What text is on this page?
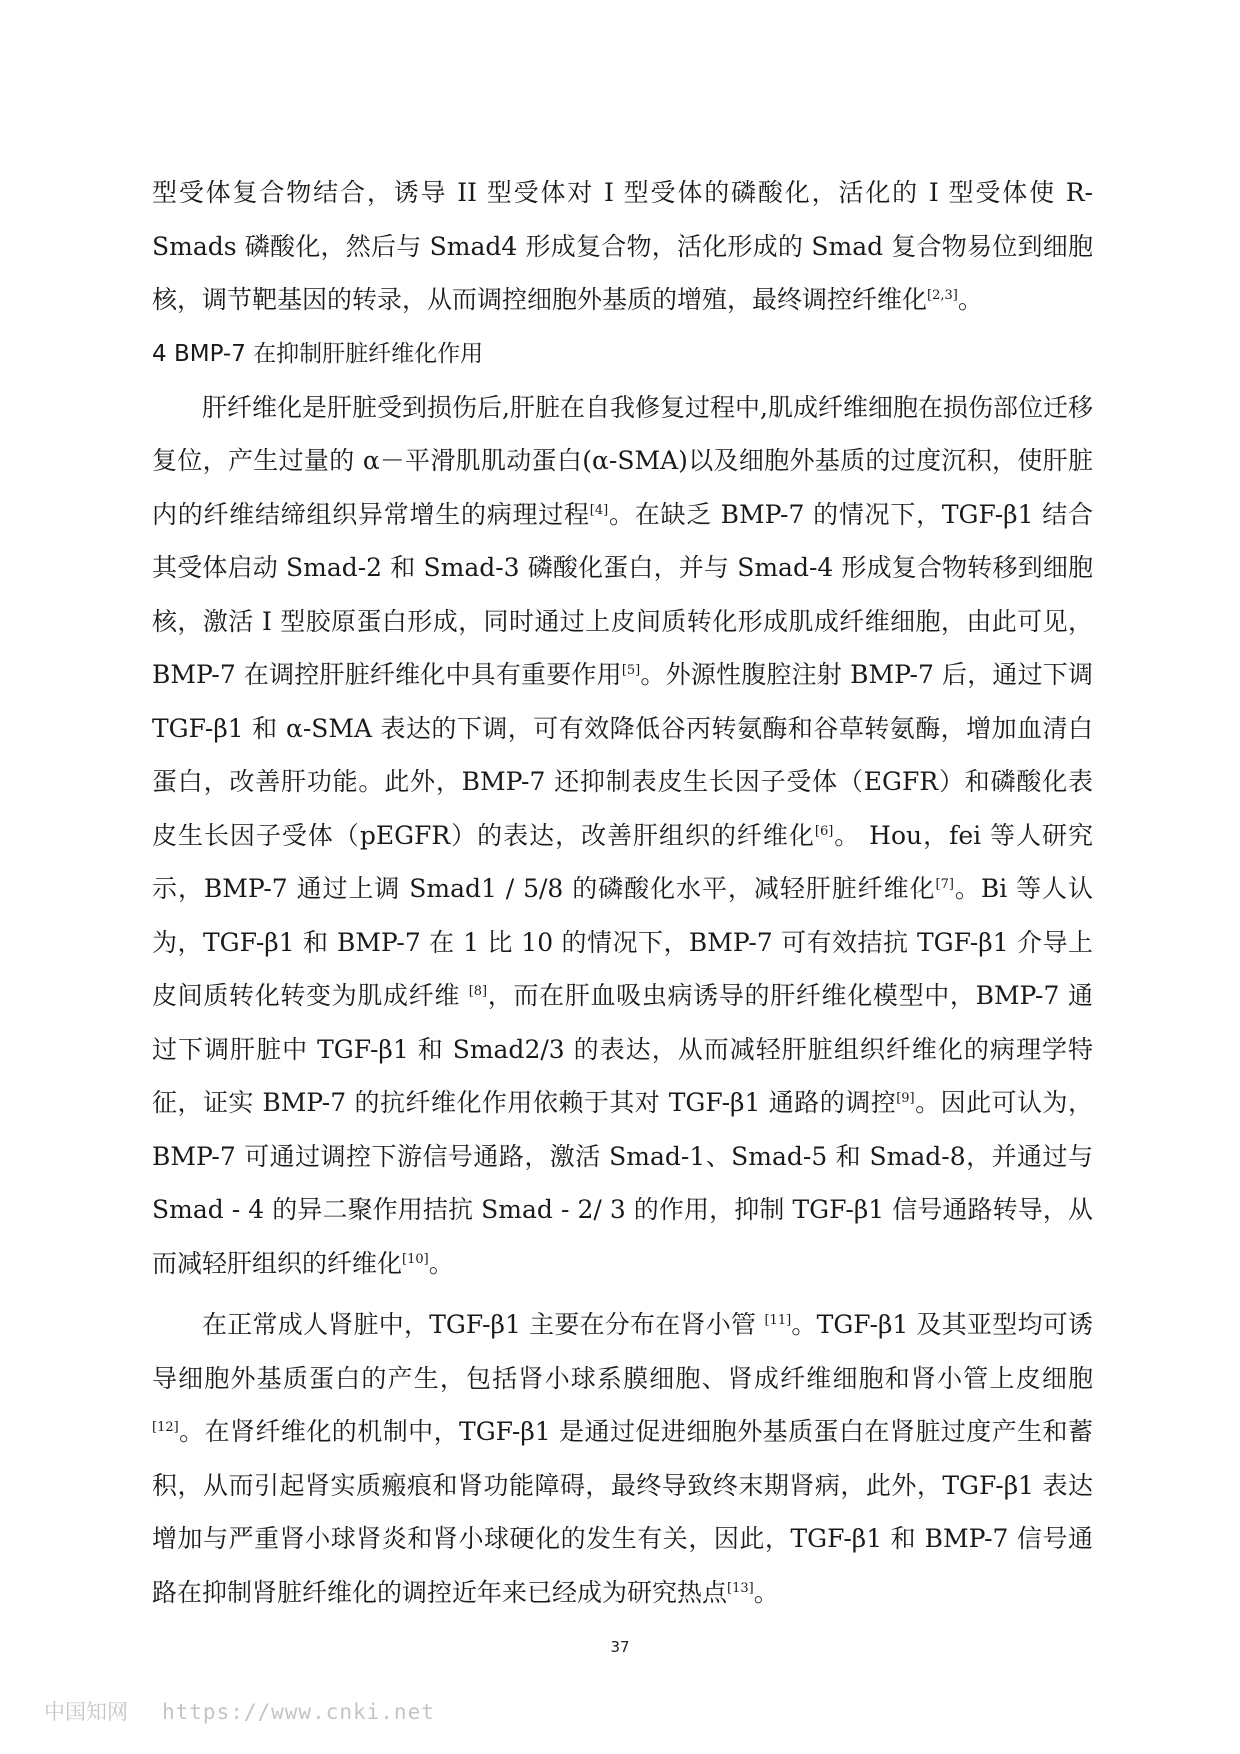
型受体复合物结合，诱导 II 型受体对 I 型受体的磷酸化，活化的 I 型受体使 R-Smads 磷酸化，然后与 Smad4 形成复合物，活化形成的 Smad 复合物易位到细胞核，调节靶基因的转录，从而调控细胞外基质的增殖，最终调控纤维化[2,3]。

4 BMP-7 在抑制肝脏纤维化作用

肝纤维化是肝脏受到损伤后,肝脏在自我修复过程中,肌成纤维细胞在损伤部位迁移复位，产生过量的 α－平滑肌肌动蛋白(α-SMA)以及细胞外基质的过度沉积，使肝脏内的纤维结缔组织异常增生的病理过程[4]。在缺乏 BMP-7 的情况下，TGF-β1 结合其受体启动 Smad-2 和 Smad-3 磷酸化蛋白，并与 Smad-4 形成复合物转移到细胞核，激活 I 型胶原蛋白形成，同时通过上皮间质转化形成肌成纤维细胞，由此可见，BMP-7 在调控肝脏纤维化中具有重要作用[5]。外源性腹腔注射 BMP-7 后，通过下调 TGF-β1 和 α-SMA 表达的下调，可有效降低谷丙转氨酶和谷草转氨酶，增加血清白蛋白，改善肝功能。此外，BMP-7 还抑制表皮生长因子受体（EGFR）和磷酸化表皮生长因子受体（pEGFR）的表达，改善肝组织的纤维化[6]。 Hou，fei 等人研究示，BMP-7 通过上调 Smad1 / 5/8 的磷酸化水平，减轻肝脏纤维化[7]。Bi 等人认为，TGF-β1 和 BMP-7 在 1 比 10 的情况下，BMP-7 可有效拮抗 TGF-β1 介导上皮间质转化转变为肌成纤维 [8]，而在肝血吸虫病诱导的肝纤维化模型中，BMP-7 通过下调肝脏中 TGF-β1 和 Smad2/3 的表达，从而减轻肝脏组织纤维化的病理学特征，证实 BMP-7 的抗纤维化作用依赖于其对 TGF-β1 通路的调控[9]。因此可认为，BMP-7 可通过调控下游信号通路，激活 Smad-1、Smad-5 和 Smad-8，并通过与 Smad - 4 的异二聚作用拮抗 Smad - 2/ 3 的作用，抑制 TGF-β1 信号通路转导，从而减轻肝组织的纤维化[10]。

在正常成人肾脏中，TGF-β1 主要在分布在肾小管 [11]。TGF-β1 及其亚型均可诱导细胞外基质蛋白的产生，包括肾小球系膜细胞、肾成纤维细胞和肾小管上皮细胞 [12]。在肾纤维化的机制中，TGF-β1 是通过促进细胞外基质蛋白在肾脏过度产生和蓄积，从而引起肾实质瘢痕和肾功能障碍，最终导致终末期肾病，此外，TGF-β1 表达增加与严重肾小球肾炎和肾小球硬化的发生有关，因此，TGF-β1 和 BMP-7 信号通路在抑制肾脏纤维化的调控近年来已经成为研究热点[13]。

37
中国知网 https://www.cnki.net
